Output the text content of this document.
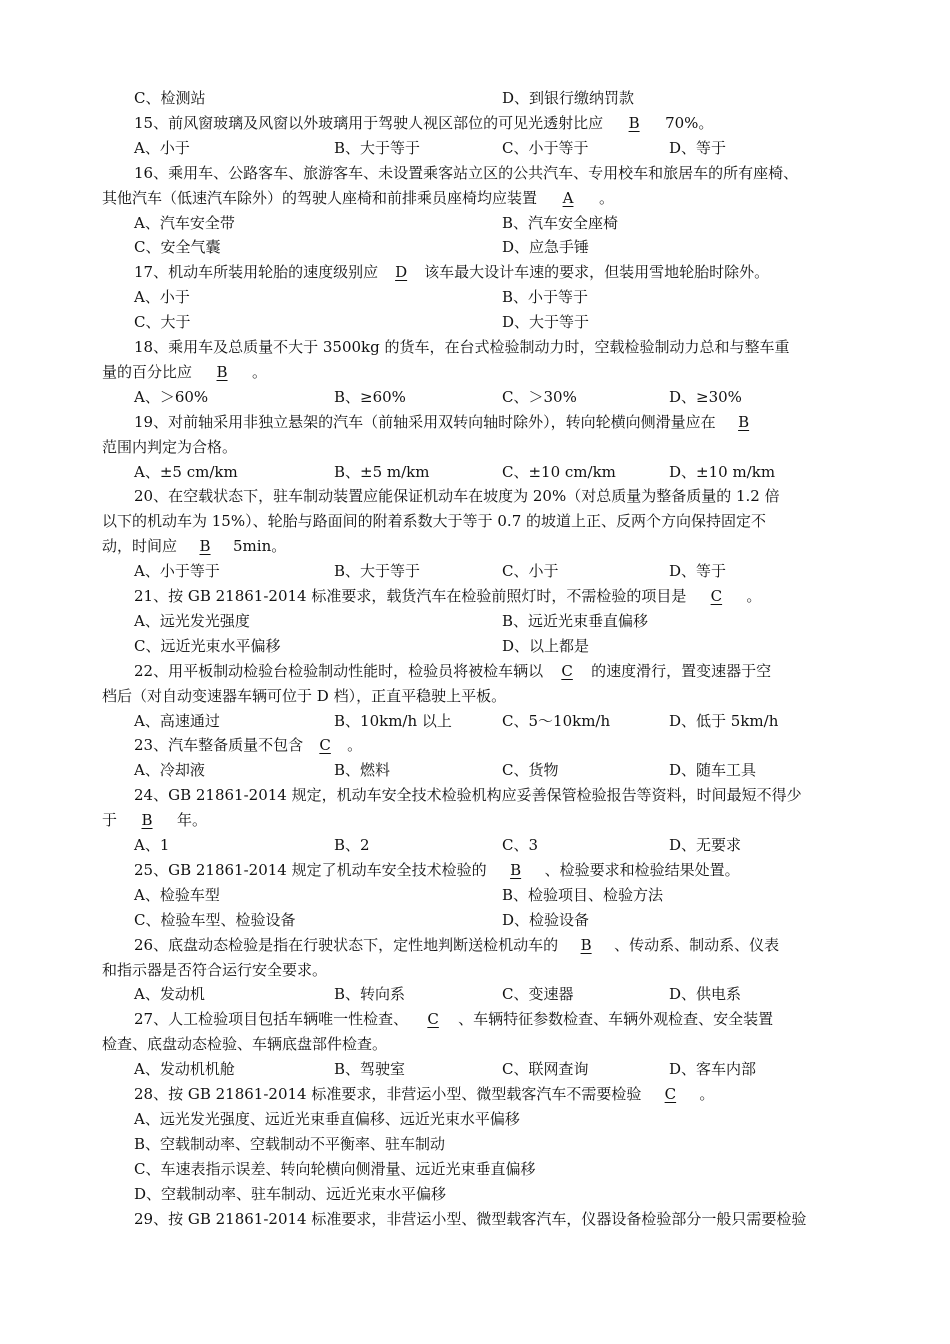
C、检测站	D、到银行缴纳罚款
15、前风窗玻璃及风窗以外玻璃用于驾驶人视区部位的可见光透射比应 B 70%。
A、小于	B、大于等于	C、小于等于	D、等于
16、乘用车、公路客车、旅游客车、未设置乘客站立区的公共汽车、专用校车和旅居车的所有座椅、
其他汽车（低速汽车除外）的驾驶人座椅和前排乘员座椅均应装置 A 。
A、汽车安全带	B、汽车安全座椅
C、安全气囊	D、应急手锤
17、机动车所装用轮胎的速度级别应 D 该车最大设计车速的要求，但装用雪地轮胎时除外。
A、小于	B、小于等于
C、大于	D、大于等于
18、乘用车及总质量不大于 3500kg 的货车，在台式检验制动力时，空载检验制动力总和与整车重
量的百分比应 B 。
A、＞60%	B、≥60%	C、＞30%	D、≥30%
19、对前轴采用非独立悬架的汽车（前轴采用双转向轴时除外），转向轮横向侧滑量应在 B
范围内判定为合格。
A、±5 cm/km	B、±5 m/km	C、±10 cm/km	D、±10 m/km
20、在空载状态下，驻车制动装置应能保证机动车在坡度为 20%（对总质量为整备质量的 1.2 倍
以下的机动车为 15%）、轮胎与路面间的附着系数大于等于 0.7 的坡道上正、反两个方向保持固定不
动，时间应 B 5min。
A、小于等于	B、大于等于	C、小于	D、等于
21、按 GB 21861-2014 标准要求，载货汽车在检验前照灯时，不需检验的项目是 C 。
A、远光发光强度	B、远近光束垂直偏移
C、远近光束水平偏移	D、以上都是
22、用平板制动检验台检验制动性能时，检验员将被检车辆以 C 的速度滑行，置变速器于空
档后（对自动变速器车辆可位于 D 档），正直平稳驶上平板。
A、高速通过	B、10km/h 以上	C、5～10km/h	D、低于 5km/h
23、汽车整备质量不包含 C 。
A、冷却液	B、燃料	C、货物	D、随车工具
24、GB 21861-2014 规定，机动车安全技术检验机构应妥善保管检验报告等资料，时间最短不得少
于 B 年。
A、1	B、2	C、3	D、无要求
25、GB 21861-2014 规定了机动车安全技术检验的 B 、检验要求和检验结果处置。
A、检验车型	B、检验项目、检验方法
C、检验车型、检验设备	D、检验设备
26、底盘动态检验是指在行驶状态下，定性地判断送检机动车的 B 、传动系、制动系、仪表
和指示器是否符合运行安全要求。
A、发动机	B、转向系	C、变速器	D、供电系
27、人工检验项目包括车辆唯一性检查、 C 、车辆特征参数检查、车辆外观检查、安全装置
检查、底盘动态检验、车辆底盘部件检查。
A、发动机机舱	B、驾驶室	C、联网查询	D、客车内部
28、按 GB 21861-2014 标准要求，非营运小型、微型载客汽车不需要检验 C 。
A、远光发光强度、远近光束垂直偏移、远近光束水平偏移
B、空载制动率、空载制动不平衡率、驻车制动
C、车速表指示误差、转向轮横向侧滑量、远近光束垂直偏移
D、空载制动率、驻车制动、远近光束水平偏移
29、按 GB 21861-2014 标准要求，非营运小型、微型载客汽车，仪器设备检验部分一般只需要检验
